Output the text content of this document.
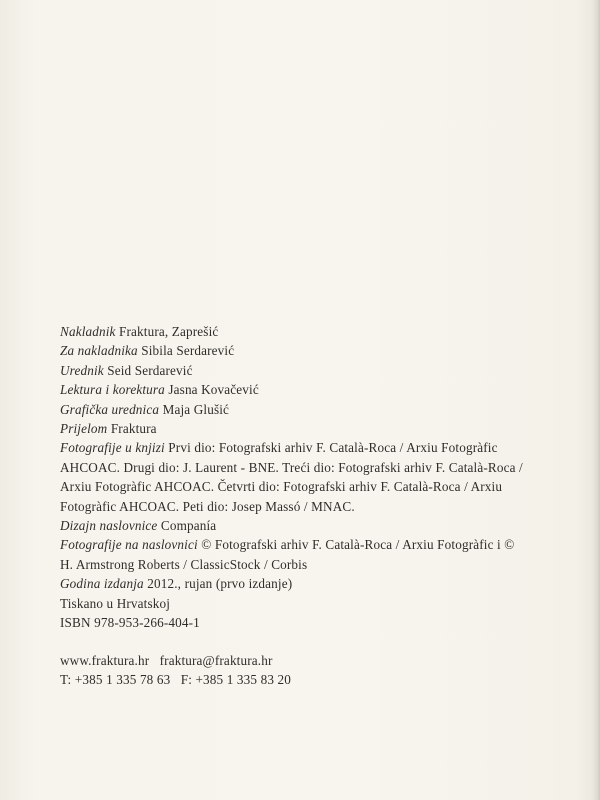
Nakladnik Fraktura, Zaprešić

Za nakladnika Sibila Serdarević

Urednik Seid Serdarević

Lektura i korektura Jasna Kovačević

Grafička urednica Maja Glušić

Prijelom Fraktura

Fotografije u knjizi Prvi dio: Fotografski arhiv F. Català-Roca / Arxiu Fotogràfic AHCOAC. Drugi dio: J. Laurent - BNE. Treći dio: Fotografski arhiv F. Català-Roca / Arxiu Fotogràfic AHCOAC. Četvrti dio: Fotografski arhiv F. Català-Roca / Arxiu Fotogràfic AHCOAC. Peti dio: Josep Massó / MNAC.

Dizajn naslovnice Companía

Fotografije na naslovnici © Fotografski arhiv F. Català-Roca / Arxiu Fotogràfic i © H. Armstrong Roberts / ClassicStock / Corbis

Godina izdanja 2012., rujan (prvo izdanje)

Tiskano u Hrvatskoj

ISBN 978-953-266-404-1

www.fraktura.hr fraktura@fraktura.hr

T: +385 1 335 78 63 F: +385 1 335 83 20
